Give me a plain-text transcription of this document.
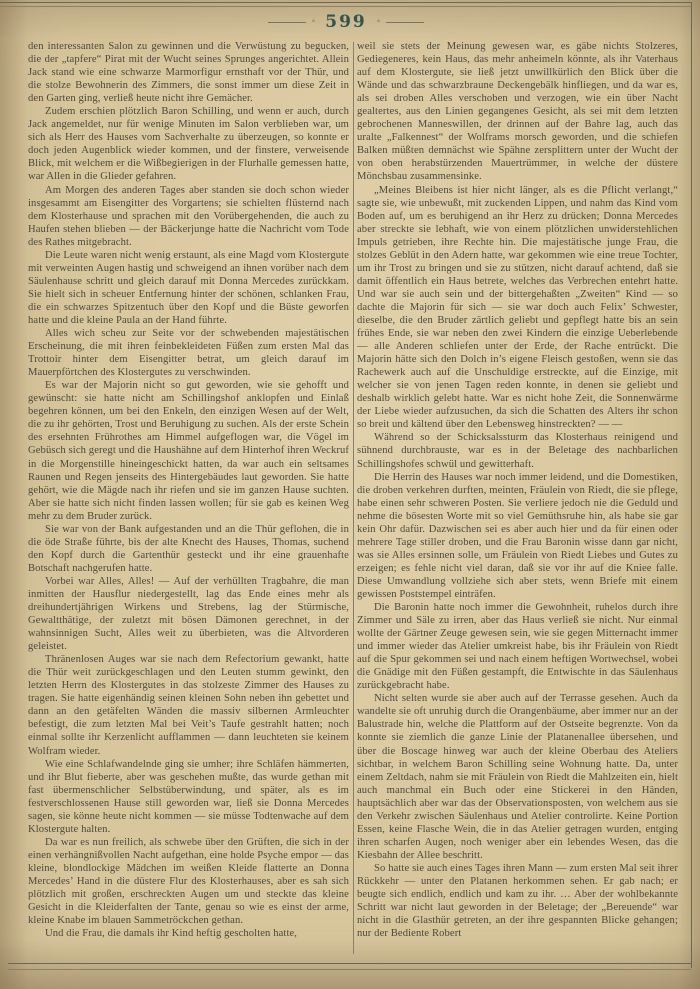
◦ 599 ◦

den interessanten Salon zu gewinnen und die Verwüstung zu begucken, die der „tapfere“ Pirat mit der Wucht seines Sprunges angerichtet. Allein Jack stand wie eine schwarze Marmorfigur ernsthaft vor der Thür, und die stolze Bewohnerin des Zimmers, die sonst immer um diese Zeit in den Garten ging, verließ heute nicht ihre Gemächer.

Zudem erschien plötzlich Baron Schilling, und wenn er auch, durch Jack angemeldet, nur für wenige Minuten im Salon verblieben war, um sich als Herr des Hauses vom Sachverhalte zu überzeugen, so konnte er doch jeden Augenblick wieder kommen, und der finstere, verweisende Blick, mit welchem er die Wißbegierigen in der Flurhalle gemessen hatte, war Allen in die Glieder gefahren.

Am Morgen des anderen Tages aber standen sie doch schon wieder insgesammt am Eisengitter des Vorgartens; sie schielten flüsternd nach dem Klosterhause und sprachen mit den Vorübergehenden, die auch zu Haufen stehen blieben — der Bäckerjunge hatte die Nachricht vom Tode des Rathes mitgebracht.

Die Leute waren nicht wenig erstaunt, als eine Magd vom Klostergute mit verweinten Augen hastig und schweigend an ihnen vorüber nach dem Säulenhause schritt und gleich darauf mit Donna Mercedes zurückkam. Sie hielt sich in scheuer Entfernung hinter der schönen, schlanken Frau, die ein schwarzes Spitzentuch über den Kopf und die Büste geworfen hatte und die kleine Paula an der Hand führte.

Alles wich scheu zur Seite vor der schwebenden majestätischen Erscheinung, die mit ihren feinbekleideten Füßen zum ersten Mal das Trottoir hinter dem Eisengitter betrat, um gleich darauf im Mauerpförtchen des Klostergutes zu verschwinden.

Es war der Majorin nicht so gut geworden, wie sie gehofft und gewünscht: sie hatte nicht am Schillingshof anklopfen und Einlaß begehren können, um bei den Enkeln, den einzigen Wesen auf der Welt, die zu ihr gehörten, Trost und Beruhigung zu suchen. Als der erste Schein des ersehnten Frührothes am Himmel aufgeflogen war, die Vögel im Gebüsch sich geregt und die Haushähne auf dem Hinterhof ihren Weckruf in die Morgenstille hineingeschickt hatten, da war auch ein seltsames Raunen und Regen jenseits des Hintergebäudes laut geworden. Sie hatte gehört, wie die Mägde nach ihr riefen und sie im ganzen Hause suchten. Aber sie hatte sich nicht finden lassen wollen; für sie gab es keinen Weg mehr zu dem Bruder zurück.

Sie war von der Bank aufgestanden und an die Thür geflohen, die in die öde Straße führte, bis der alte Knecht des Hauses, Thomas, suchend den Kopf durch die Gartenthür gesteckt und ihr eine grauenhafte Botschaft nachgerufen hatte.

Vorbei war Alles, Alles! — Auf der verhüllten Tragbahre, die man inmitten der Hausflur niedergestellt, lag das Ende eines mehr als dreihundertjährigen Wirkens und Strebens, lag der Stürmische, Gewaltthätige, der zuletzt mit bösen Dämonen gerechnet, in der wahnsinnigen Sucht, Alles weit zu überbieten, was die Altvorderen geleistet.

Thränenlosen Auges war sie nach dem Refectorium gewankt, hatte die Thür weit zurückgeschlagen und den Leuten stumm gewinkt, den letzten Herrn des Klostergutes in das stolzeste Zimmer des Hauses zu tragen. Sie hatte eigenhändig seinen kleinen Sohn neben ihn gebettet und dann an den getäfelten Wänden die massiv silbernen Armleuchter befestigt, die zum letzten Mal bei Veit’s Taufe gestrahlt hatten; noch einmal sollte ihr Kerzenlicht aufflammen — dann leuchteten sie keinem Wolfram wieder.

Wie eine Schlafwandelnde ging sie umher; ihre Schläfen hämmerten, und ihr Blut fieberte, aber was geschehen mußte, das wurde gethan mit fast übermenschlicher Selbstüberwindung, und später, als es im festverschlossenen Hause still geworden war, ließ sie Donna Mercedes sagen, sie könne heute nicht kommen — sie müsse Todtenwache auf dem Klostergute halten.

Da war es nun freilich, als schwebe über den Grüften, die sich in der einen verhängnißvollen Nacht aufgethan, eine holde Psyche empor — das kleine, blondlockige Mädchen im weißen Kleide flatterte an Donna Mercedes’ Hand in die düstere Flur des Klosterhauses, aber es sah sich plötzlich mit großen, erschreckten Augen um und steckte das kleine Gesicht in die Kleiderfalten der Tante, genau so wie es einst der arme, kleine Knabe im blauen Sammetröckchen gethan.

Und die Frau, die damals ihr Kind heftig gescholten hatte,

weil sie stets der Meinung gewesen war, es gäbe nichts Stolzeres, Gediegeneres, kein Haus, das mehr anheimeln könnte, als ihr Vaterhaus auf dem Klostergute, sie ließ jetzt unwillkürlich den Blick über die Wände und das schwarzbraune Deckengebälk hinfliegen, und da war es, als sei droben Alles verschoben und verzogen, wie ein über Nacht gealtertes, aus den Linien gegangenes Gesicht, als sei mit dem letzten gebrochenen Manneswillen, der drinnen auf der Bahre lag, auch das uralte „Falkennest“ der Wolframs morsch geworden, und die schiefen Balken müßten demnächst wie Spähne zersplittern unter der Wucht der von oben herabstürzenden Mauertrümmer, in welche der düstere Mönchsbau zusammensinke.

„Meines Bleibens ist hier nicht länger, als es die Pflicht verlangt,“ sagte sie, wie unbewußt, mit zuckenden Lippen, und nahm das Kind vom Boden auf, um es beruhigend an ihr Herz zu drücken; Donna Mercedes aber streckte sie lebhaft, wie von einem plötzlichen unwiderstehlichen Impuls getrieben, ihre Rechte hin. Die majestätische junge Frau, die stolzes Geblüt in den Adern hatte, war gekommen wie eine treue Tochter, um ihr Trost zu bringen und sie zu stützen, nicht darauf achtend, daß sie damit öffentlich ein Haus betrete, welches das Verbrechen entehrt hatte. Und war sie auch sein und der bittergehaßten „Zweiten“ Kind — so dachte die Majorin für sich — sie war doch auch Felix’ Schwester, dieselbe, die den Bruder zärtlich geliebt und gepflegt hatte bis an sein frühes Ende, sie war neben den zwei Kindern die einzige Ueberlebende — alle Anderen schliefen unter der Erde, der Rache entrückt. Die Majorin hätte sich den Dolch in’s eigene Fleisch gestoßen, wenn sie das Rachewerk auch auf die Unschuldige erstreckte, auf die Einzige, mit welcher sie von jenen Tagen reden konnte, in denen sie geliebt und deshalb wirklich gelebt hatte. War es nicht hohe Zeit, die Sonnenwärme der Liebe wieder aufzusuchen, da sich die Schatten des Alters ihr schon so breit und kältend über den Lebensweg hinstreckten? — —

Während so der Schicksalssturm das Klosterhaus reinigend und sühnend durchbrauste, war es in der Beletage des nachbarlichen Schillingshofes schwül und gewitterhaft.

Die Herrin des Hauses war noch immer leidend, und die Domestiken, die droben verkehren durften, meinten, Fräulein von Riedt, die sie pflege, habe einen sehr schweren Posten. Sie verliere jedoch nie die Geduld und nehme die bösesten Worte mit so viel Gemüthsruhe hin, als habe sie gar kein Ohr dafür. Dazwischen sei es aber auch hier und da für einen oder mehrere Tage stiller droben, und die Frau Baronin wisse dann gar nicht, was sie Alles ersinnen solle, um Fräulein von Riedt Liebes und Gutes zu erzeigen; es fehle nicht viel daran, daß sie vor ihr auf die Kniee falle. Diese Umwandlung vollziehe sich aber stets, wenn Briefe mit einem gewissen Poststempel einträfen.

Die Baronin hatte noch immer die Gewohnheit, ruhelos durch ihre Zimmer und Säle zu irren, aber das Haus verließ sie nicht. Nur einmal wollte der Gärtner Zeuge gewesen sein, wie sie gegen Mitternacht immer und immer wieder das Atelier umkreist habe, bis ihr Fräulein von Riedt auf die Spur gekommen sei und nach einem heftigen Wortwechsel, wobei die Gnädige mit den Füßen gestampft, die Entwischte in das Säulenhaus zurückgebracht habe.

Nicht selten wurde sie aber auch auf der Terrasse gesehen. Auch da wandelte sie oft unruhig durch die Orangenbäume, aber immer nur an der Balustrade hin, welche die Plattform auf der Ostseite begrenzte. Von da konnte sie ziemlich die ganze Linie der Platanenallee übersehen, und über die Boscage hinweg war auch der kleine Oberbau des Ateliers sichtbar, in welchem Baron Schilling seine Wohnung hatte. Da, unter einem Zeltdach, nahm sie mit Fräulein von Riedt die Mahlzeiten ein, hielt auch manchmal ein Buch oder eine Stickerei in den Händen, hauptsächlich aber war das der Observationsposten, von welchem aus sie den Verkehr zwischen Säulenhaus und Atelier controlirte. Keine Portion Essen, keine Flasche Wein, die in das Atelier getragen wurden, entging ihren scharfen Augen, noch weniger aber ein lebendes Wesen, das die Kiesbahn der Allee beschritt.

So hatte sie auch eines Tages ihren Mann — zum ersten Mal seit ihrer Rückkehr — unter den Platanen herkommen sehen. Er gab nach; er beugte sich endlich, endlich und kam zu ihr. … Aber der wohlbekannte Schritt war nicht laut geworden in der Beletage; der „Bereuende“ war nicht in die Glasthür getreten, an der ihre gespannten Blicke gehangen; nur der Bediente Robert
